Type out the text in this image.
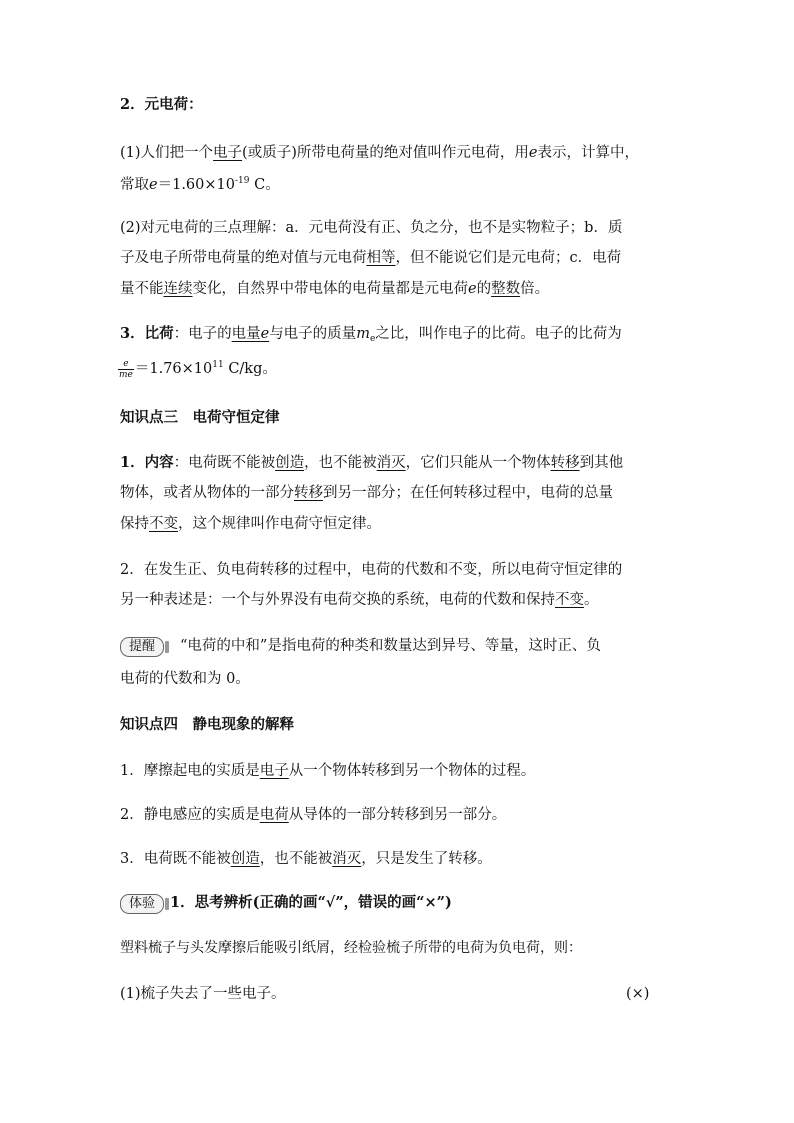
2．元电荷：
(1)人们把一个电子(或质子)所带电荷量的绝对值叫作元电荷，用e表示，计算中，
常取$e=1.60\times 10^{-19}$ C。
(2)对元电荷的三点理解：a．元电荷没有正、负之分，也不是实物粒子；b．质
子及电子所带电荷量的绝对值与元电荷相等，但不能说它们是元电荷；c．电荷
量不能连续变化，自然界中带电体的电荷量都是元电荷e的整数倍。
3．比荷：电子的电量e与电子的质量$m_e$之比，叫作电子的比荷。电子的比荷为
$\frac{e}{me} =1.76\times 10^{11}$ C/kg。
知识点三　电荷守恒定律
1．内容：电荷既不能被创造，也不能被消灭，它们只能从一个物体转移到其他
物体，或者从物体的一部分转移到另一部分；在任何转移过程中，电荷的总量
保持不变，这个规律叫作电荷守恒定律。
2．在发生正、负电荷转移的过程中，电荷的代数和不变，所以电荷守恒定律的
另一种表述是：一个与外界没有电荷交换的系统，电荷的代数和保持不变。
提醒 “电荷的中和”是指电荷的种类和数量达到异号、等量，这时正、负
电荷的代数和为 0。
知识点四　静电现象的解释
1．摩擦起电的实质是电子从一个物体转移到另一个物体的过程。
2．静电感应的实质是电荷从导体的一部分转移到另一部分。
3．电荷既不能被创造，也不能被消灭，只是发生了转移。
体验 1．思考辨析(正确的画“√”，错误的画“×”)
塑料梳子与头发摩擦后能吸引纸屑，经检验梳子所带的电荷为负电荷，则：
(1)梳子失去了一些电子。	(×)
